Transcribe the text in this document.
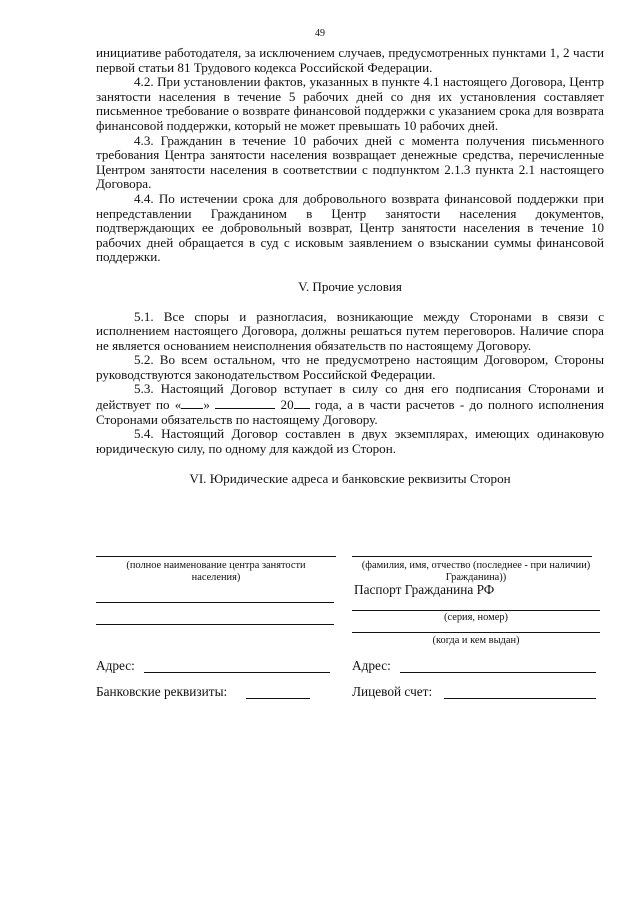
49

инициативе работодателя, за исключением случаев, предусмотренных пунктами 1, 2 части первой статьи 81 Трудового кодекса Российской Федерации.

4.2. При установлении фактов, указанных в пункте 4.1 настоящего Договора, Центр занятости населения в течение 5 рабочих дней со дня их установления составляет письменное требование о возврате финансовой поддержки с указанием срока для возврата финансовой поддержки, который не может превышать 10 рабочих дней.

4.3. Гражданин в течение 10 рабочих дней с момента получения письменного требования Центра занятости населения возвращает денежные средства, перечисленные Центром занятости населения в соответствии с подпунктом 2.1.3 пункта 2.1 настоящего Договора.

4.4. По истечении срока для добровольного возврата финансовой поддержки при непредставлении Гражданином в Центр занятости населения документов, подтверждающих ее добровольный возврат, Центр занятости населения в течение 10 рабочих дней обращается в суд с исковым заявлением о взыскании суммы финансовой поддержки.

V. Прочие условия

5.1. Все споры и разногласия, возникающие между Сторонами в связи с исполнением настоящего Договора, должны решаться путем переговоров. Наличие спора не является основанием неисполнения обязательств по настоящему Договору.

5.2. Во всем остальном, что не предусмотрено настоящим Договором, Стороны руководствуются законодательством Российской Федерации.

5.3. Настоящий Договор вступает в силу со дня его подписания Сторонами и действует по « »	20 года, а в части расчетов - до полного исполнения Сторонами обязательств по настоящему Договору.

5.4. Настоящий Договор составлен в двух экземплярах, имеющих одинаковую юридическую силу, по одному для каждой из Сторон.

VI. Юридические адреса и банковские реквизиты Сторон

(полное наименование центра занятости населения)
(фамилия, имя, отчество (последнее - при наличии) Гражданина))
Паспорт Гражданина РФ
(серия, номер)
(когда и кем выдан)
Адрес:	Адрес:
Банковские реквизиты:	Лицевой счет:
